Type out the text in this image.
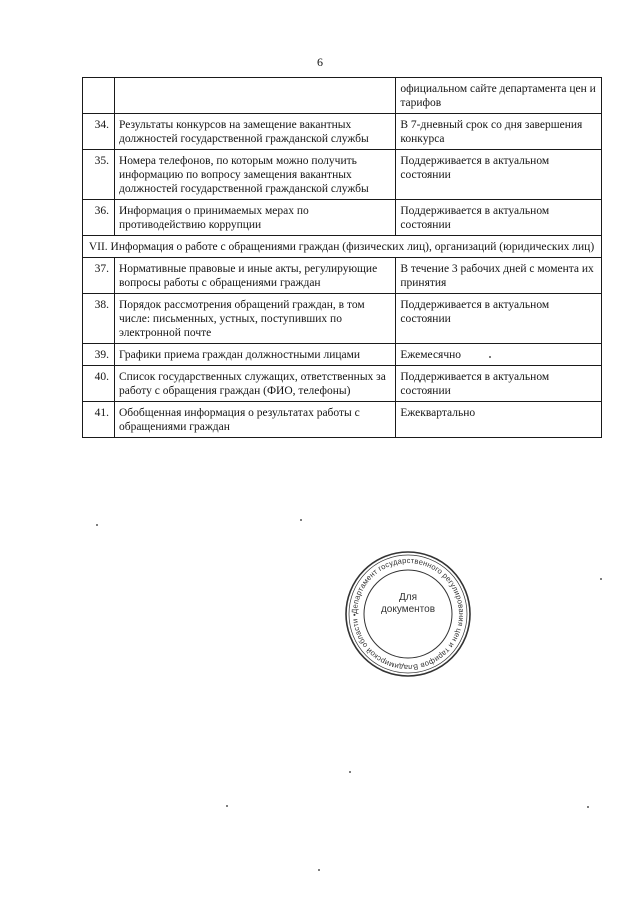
6
		официальном сайте департамента цен и тарифов
34.	Результаты конкурсов на замещение вакантных должностей государственной гражданской службы	В 7-дневный срок со дня завершения конкурса
35.	Номера телефонов, по которым можно получить информацию по вопросу замещения вакантных должностей государственной гражданской службы	Поддерживается в актуальном состоянии
36.	Информация о принимаемых мерах по противодействию коррупции	Поддерживается в актуальном состоянии
VII. Информация о работе с обращениями граждан (физических лиц), организаций (юридических лиц)		
37.	Нормативные правовые и иные акты, регулирующие вопросы работы с обращениями граждан	В течение 3 рабочих дней с момента их принятия
38.	Порядок рассмотрения обращений граждан, в том числе: письменных, устных, поступивших по электронной почте	Поддерживается в актуальном состоянии
39.	Графики приема граждан должностными лицами	Ежемесячно
40.	Список государственных служащих, ответственных за работу с обращения граждан (ФИО, телефоны)	Поддерживается в актуальном состоянии
41.	Обобщенная информация о результатах работы с обращениями граждан	Ежеквартально
Департамент государственного регулирования цен и тарифов Владимирской области •
Для
документов
